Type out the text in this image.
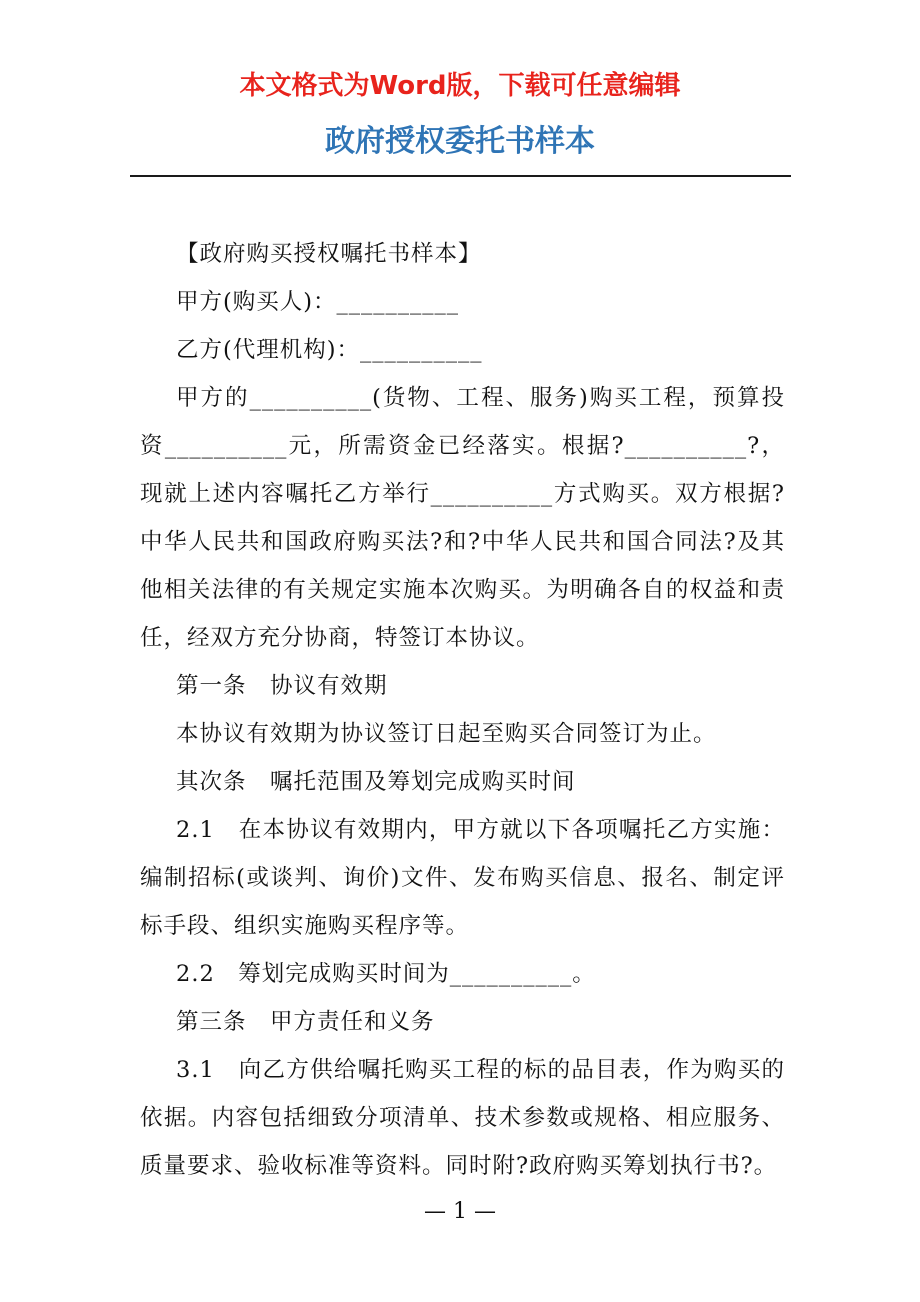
本文格式为Word版，下载可任意编辑
政府授权委托书样本

【政府购买授权嘱托书样本】

甲方(购买人)：__________

乙方(代理机构)：__________

甲方的__________(货物、工程、服务)购买工程，预算投资__________元，所需资金已经落实。根据?__________?，现就上述内容嘱托乙方举行__________方式购买。双方根据?中华人民共和国政府购买法?和?中华人民共和国合同法?及其他相关法律的有关规定实施本次购买。为明确各自的权益和责任，经双方充分协商，特签订本协议。

第一条　协议有效期

本协议有效期为协议签订日起至购买合同签订为止。

其次条　嘱托范围及筹划完成购买时间

2.1　在本协议有效期内，甲方就以下各项嘱托乙方实施：编制招标(或谈判、询价)文件、发布购买信息、报名、制定评标手段、组织实施购买程序等。

2.2　筹划完成购买时间为__________。

第三条　甲方责任和义务

3.1　向乙方供给嘱托购买工程的标的品目表，作为购买的依据。内容包括细致分项清单、技术参数或规格、相应服务、质量要求、验收标准等资料。同时附?政府购买筹划执行书?。

— 1 —
